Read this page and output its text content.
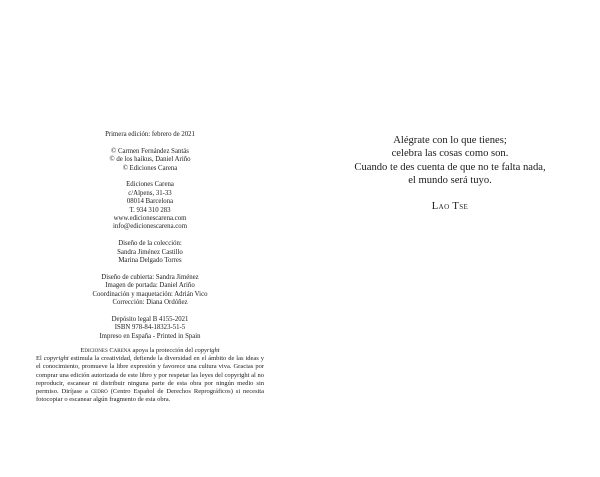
Primera edición: febrero de 2021
© Carmen Fernández Santás
© de los haikus, Daniel Ariño
© Ediciones Carena
Ediciones Carena
c/Alpens, 31-33
08014 Barcelona
T. 934 310 283
www.edicionescarena.com
info@edicionescarena.com
Diseño de la colección:
Sandra Jiménez Castillo
Marina Delgado Torres
Diseño de cubierta: Sandra Jiménez
Imagen de portada: Daniel Ariño
Coordinación y maquetación: Adrián Vico
Corrección: Diana Ordóñez
Depósito legal B 4155-2021
ISBN 978-84-18323-51-5
Impreso en España - Printed in Spain
Ediciones Carena apoya la protección del copyright
El copyright estimula la creatividad, defiende la diversidad en el ámbito de las ideas y el conocimiento, promueve la libre expresión y favorece una cultura viva. Gracias por comprar una edición autorizada de este libro y por respetar las leyes del copyright al no reproducir, escanear ni distribuir ninguna parte de esta obra por ningún medio sin permiso. Diríjase a cedro (Centro Español de Derechos Reprográficos) si necesita fotocopiar o escanear algún fragmento de esta obra.
Alégrate con lo que tienes;
celebra las cosas como son.
Cuando te des cuenta de que no te falta nada,
el mundo será tuyo.
Lao Tse
